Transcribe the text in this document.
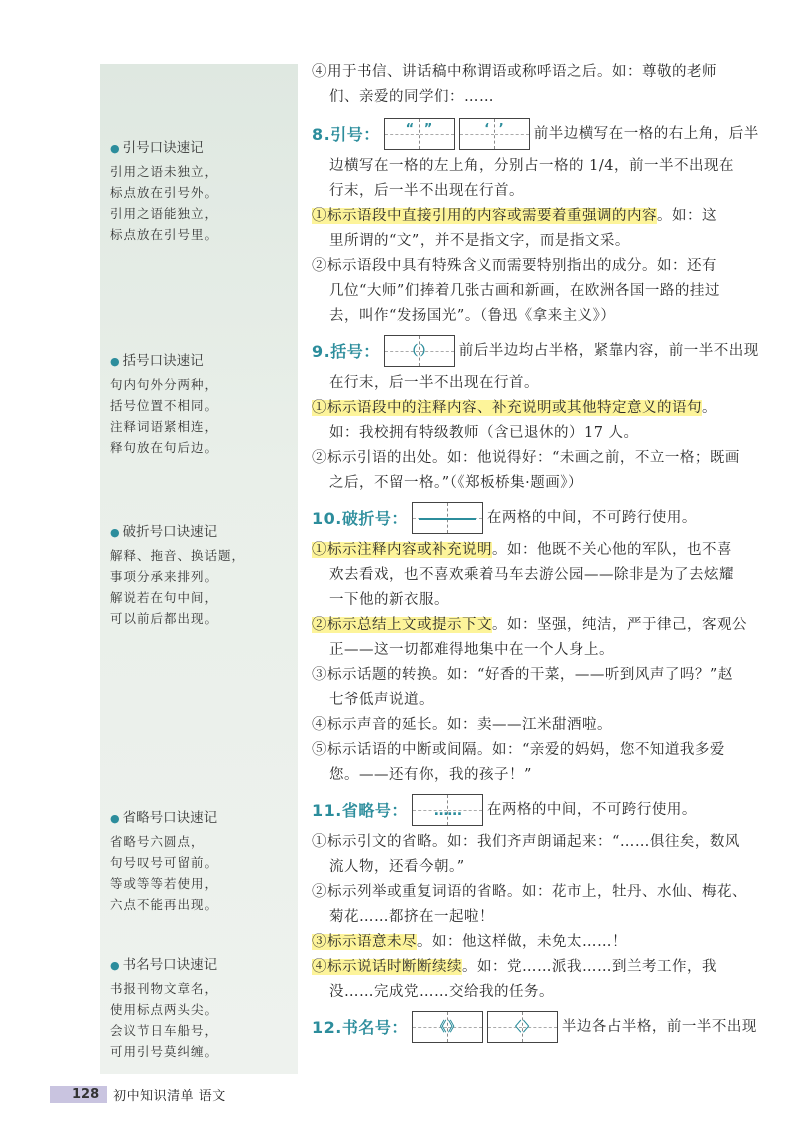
● 引号口诀速记
引用之语未独立，
标点放在引号外。
引用之语能独立，
标点放在引号里。
● 括号口诀速记
句内句外分两种，
括号位置不相同。
注释词语紧相连，
释句放在句后边。
● 破折号口诀速记
解释、拖音、换话题，
事项分承来排列。
解说若在句中间，
可以前后都出现。
● 省略号口诀速记
省略号六圆点，
句号叹号可留前。
等或等等若使用，
六点不能再出现。
● 书名号口诀速记
书报刊物文章名，
使用标点两头尖。
会议节日车船号，
可用引号莫纠缠。

④用于书信、讲话稿中称谓语或称呼语之后。如：尊敬的老师

们、亲爱的同学们：……

8.引号： “ ”	‘ ’ 前半边横写在一格的右上角，后半

边横写在一格的左上角，分别占一格的 1/4，前一半不出现在

行末，后一半不出现在行首。

①标示语段中直接引用的内容或需要着重强调的内容。如：这

里所谓的“文”，并不是指文字，而是指文采。

②标示语段中具有特殊含义而需要特别指出的成分。如：还有

几位“大师”们捧着几张古画和新画，在欧洲各国一路的挂过

去，叫作“发扬国光”。（鲁迅《拿来主义》）

9.括号： （ ） 前后半边均占半格，紧靠内容，前一半不出现

在行末，后一半不出现在行首。

①标示语段中的注释内容、补充说明或其他特定意义的语句。

如：我校拥有特级教师（含已退休的）17 人。

②标示引语的出处。如：他说得好：“未画之前，不立一格；既画

之后，不留一格。”（《郑板桥集·题画》）

10.破折号：	在两格的中间，不可跨行使用。

①标示注释内容或补充说明。如：他既不关心他的军队，也不喜

欢去看戏，也不喜欢乘着马车去游公园——除非是为了去炫耀

一下他的新衣服。

②标示总结上文或提示下文。如：坚强，纯洁，严于律己，客观公

正——这一切都难得地集中在一个人身上。

③标示话题的转换。如：“好香的干菜，——听到风声了吗？”赵

七爷低声说道。

④标示声音的延长。如：卖——江米甜酒啦。

⑤标示话语的中断或间隔。如：“亲爱的妈妈，您不知道我多爱

您。——还有你，我的孩子！”

11.省略号：	……	在两格的中间，不可跨行使用。

①标示引文的省略。如：我们齐声朗诵起来：“……俱往矣，数风

流人物，还看今朝。”

②标示列举或重复词语的省略。如：花市上，牡丹、水仙、梅花、

菊花……都挤在一起啦！

③标示语意未尽。如：他这样做，未免太……！

④标示说话时断断续续。如：党……派我……到兰考工作，我

没……完成党……交给我的任务。

12.书名号： 《 》	〈 〉 半边各占半格，前一半不出现
128	初中知识清单 语文
